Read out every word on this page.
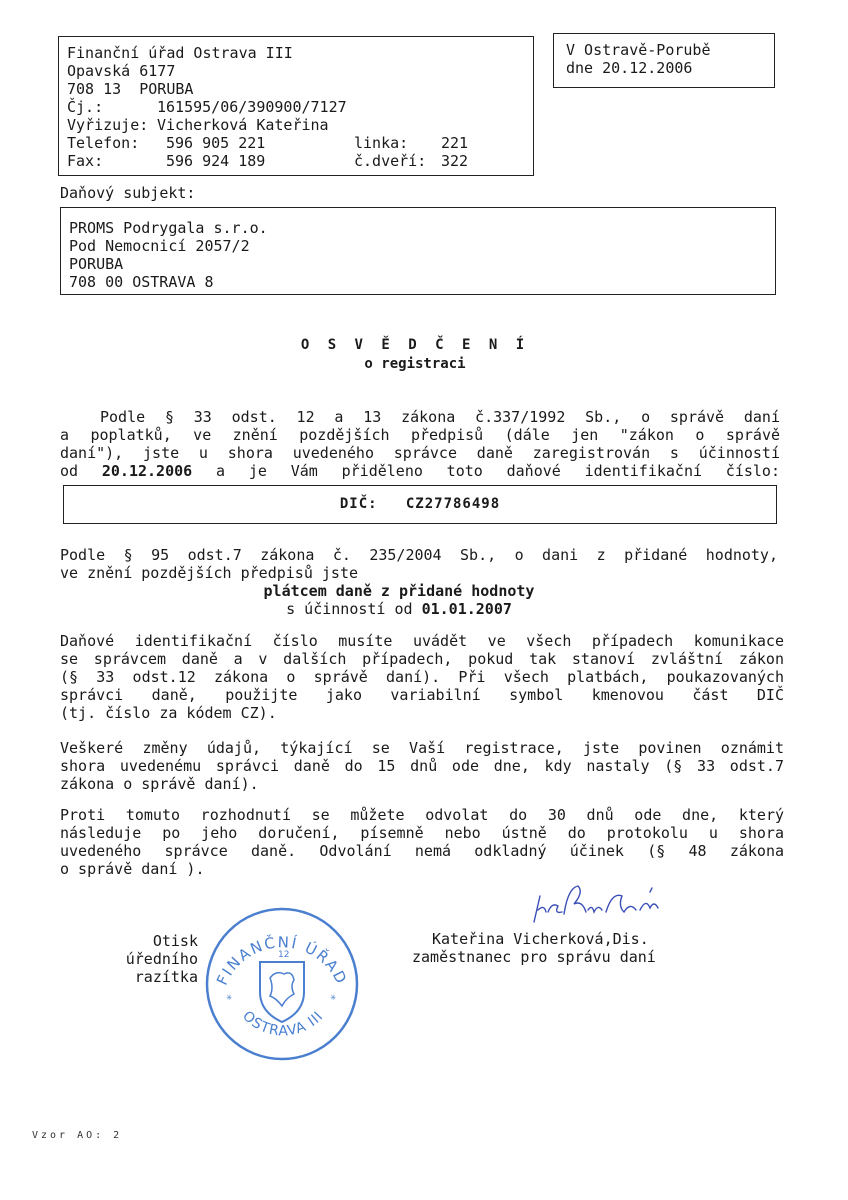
Finanční úřad Ostrava III
Opavská 6177
708 13  PORUBA
Čj.:	161595/06/390900/7127
Vyřizuje: Vicherková Kateřina
Telefon: 596 905 221	linka: 221
Fax:	596 924 189	č.dveří: 322
V Ostravě-Porubě
dne 20.12.2006
Daňový subjekt:
PROMS Podrygala s.r.o.
Pod Nemocnicí 2057/2
PORUBA
708 00 OSTRAVA 8
O S V Ě D Č E N Í
o registraci
Podle § 33 odst. 12 a 13 zákona č.337/1992 Sb., o správě daní
a poplatků, ve znění pozdějších předpisů (dále jen "zákon o správě
daní"), jste u shora uvedeného správce daně zaregistrován s účinností
od 20.12.2006 a je Vám přiděleno toto daňové identifikační číslo:
DIČ: CZ27786498
Podle § 95 odst.7 zákona č. 235/2004 Sb., o dani z přidané hodnoty,
ve znění pozdějších předpisů jste
plátcem daně z přidané hodnoty
s účinností od 01.01.2007
Daňové identifikační číslo musíte uvádět ve všech případech komunikace
se správcem daně a v dalších případech, pokud tak stanoví zvláštní zákon
(§ 33 odst.12 zákona o správě daní). Při všech platbách, poukazovaných
správci daně, použijte jako variabilní symbol kmenovou část DIČ
(tj. číslo za kódem CZ).
Veškeré změny údajů, týkající se Vaší registrace, jste povinen oznámit
shora uvedenému správci daně do 15 dnů ode dne, kdy nastaly (§ 33 odst.7
zákona o správě daní).
Proti tomuto rozhodnutí se můžete odvolat do 30 dnů ode dne, který
následuje po jeho doručení, písemně nebo ústně do protokolu u shora
uvedeného správce daně. Odvolání nemá odkladný účinek (§ 48 zákona
o správě daní ).
Otisk
úředního
razítka FINANČNÍ ÚŘAD
OSTRAVA III
✳	✳
12
Kateřina Vicherková,Dis.
zaměstnanec pro správu daní
Vzor AO: 2
